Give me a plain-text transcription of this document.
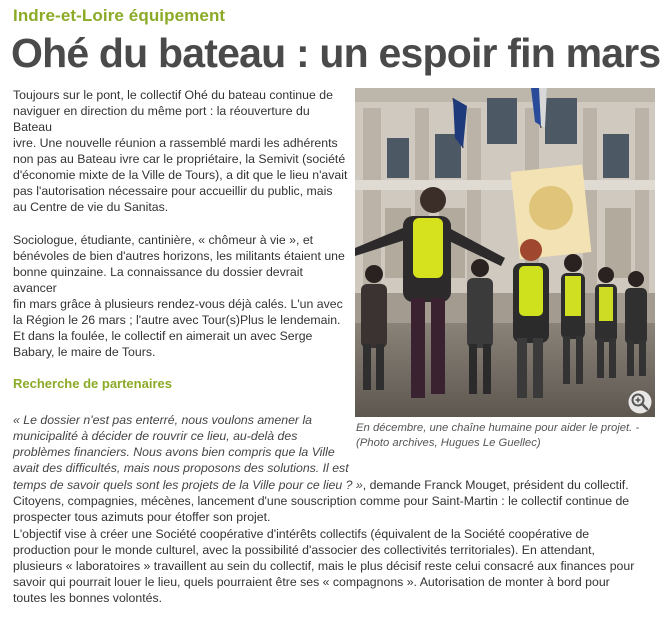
Indre-et-Loire équipement
Ohé du bateau : un espoir fin mars
Toujours sur le pont, le collectif Ohé du bateau continue de
naviguer en direction du même port : la réouverture du Bateau
ivre. Une nouvelle réunion a rassemblé mardi les adhérents
non pas au Bateau ivre car le propriétaire, la Semivit (société
d'économie mixte de la Ville de Tours), a dit que le lieu n'avait
pas l'autorisation nécessaire pour accueillir du public, mais
au Centre de vie du Sanitas.
Sociologue, étudiante, cantinière, « chômeur à vie », et
bénévoles de bien d'autres horizons, les militants étaient une
bonne quinzaine. La connaissance du dossier devrait avancer
fin mars grâce à plusieurs rendez-vous déjà calés. L'un avec
la Région le 26 mars ; l'autre avec Tour(s)Plus le lendemain.
Et dans la foulée, le collectif en aimerait un avec Serge
Babary, le maire de Tours.
Recherche de partenaires
En décembre, une chaîne humaine pour aider le projet. -
(Photo archives, Hugues Le Guellec)
« Le dossier n'est pas enterré, nous voulons amener la
municipalité à décider de rouvrir ce lieu, au-delà des
problèmes financiers. Nous avons bien compris que la Ville
avait des difficultés, mais nous proposons des solutions. Il est
temps de savoir quels sont les projets de la Ville pour ce lieu ? », demande Franck Mouget, président du collectif.
Citoyens, compagnies, mécènes, lancement d'une souscription comme pour Saint-Martin : le collectif continue de
prospecter tous azimuts pour étoffer son projet.
L'objectif vise à créer une Société coopérative d'intérêts collectifs (équivalent de la Société coopérative de
production pour le monde culturel, avec la possibilité d'associer des collectivités territoriales). En attendant,
plusieurs « laboratoires » travaillent au sein du collectif, mais le plus décisif reste celui consacré aux finances pour
savoir qui pourrait louer le lieu, quels pourraient être ses « compagnons ». Autorisation de monter à bord pour
toutes les bonnes volontés.
